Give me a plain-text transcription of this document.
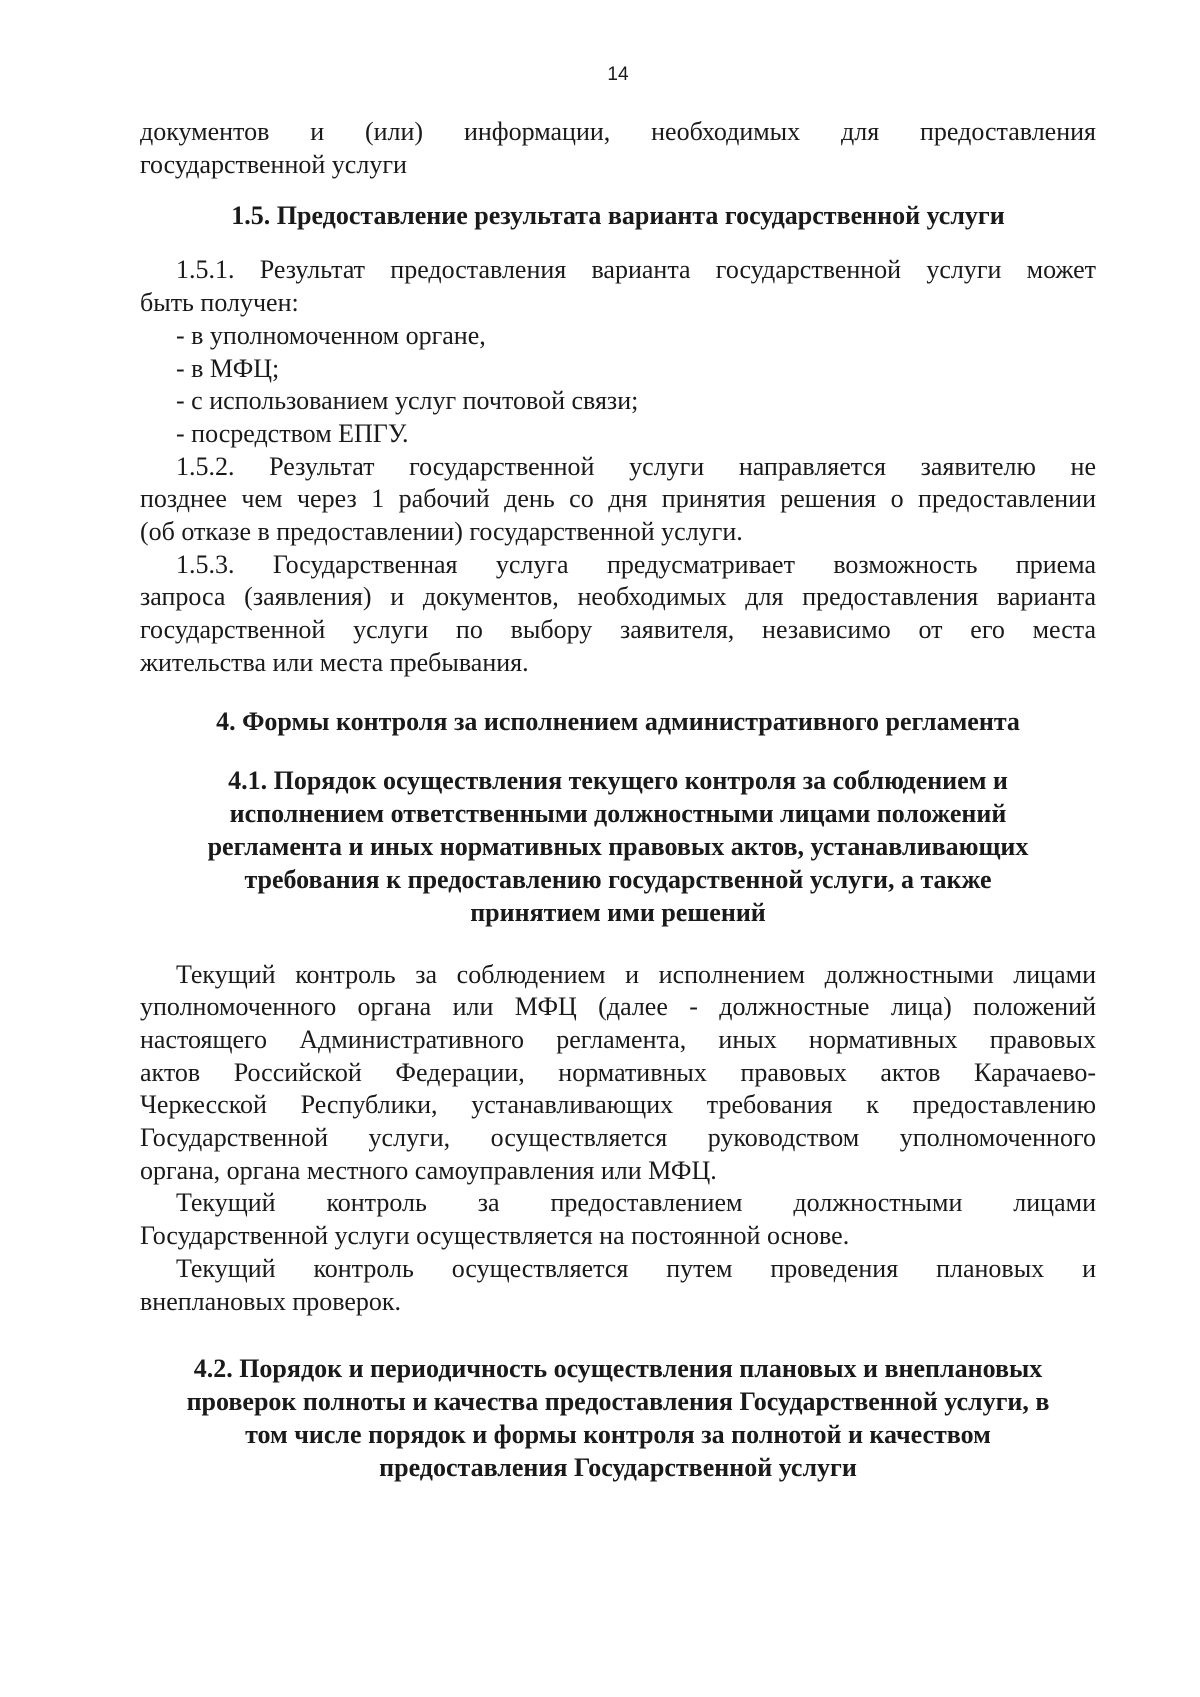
14

документов и (или) информации, необходимых для предоставления

государственной услуги

1.5. Предоставление результата варианта государственной услуги

1.5.1. Результат предоставления варианта государственной услуги может

быть получен:

- в уполномоченном органе,

- в МФЦ;

- с использованием услуг почтовой связи;

- посредством ЕПГУ.

1.5.2. Результат государственной услуги направляется заявителю не

позднее чем через 1 рабочий день со дня принятия решения о предоставлении

(об отказе в предоставлении) государственной услуги.

1.5.3. Государственная услуга предусматривает возможность приема

запроса (заявления) и документов, необходимых для предоставления варианта

государственной услуги по выбору заявителя, независимо от его места

жительства или места пребывания.

4. Формы контроля за исполнением административного регламента
4.1. Порядок осуществления текущего контроля за соблюдением и
исполнением ответственными должностными лицами положений
регламента и иных нормативных правовых актов, устанавливающих
требования к предоставлению государственной услуги, а также
принятием ими решений

Текущий контроль за соблюдением и исполнением должностными лицами

уполномоченного органа или МФЦ (далее - должностные лица) положений

настоящего Административного регламента, иных нормативных правовых

актов Российской Федерации, нормативных правовых актов Карачаево-

Черкесской Республики, устанавливающих требования к предоставлению

Государственной услуги, осуществляется руководством уполномоченного

органа, органа местного самоуправления или МФЦ.

Текущий контроль за предоставлением должностными лицами

Государственной услуги осуществляется на постоянной основе.

Текущий контроль осуществляется путем проведения плановых и

внеплановых проверок.

4.2. Порядок и периодичность осуществления плановых и внеплановых
проверок полноты и качества предоставления Государственной услуги, в
том числе порядок и формы контроля за полнотой и качеством
предоставления Государственной услуги
